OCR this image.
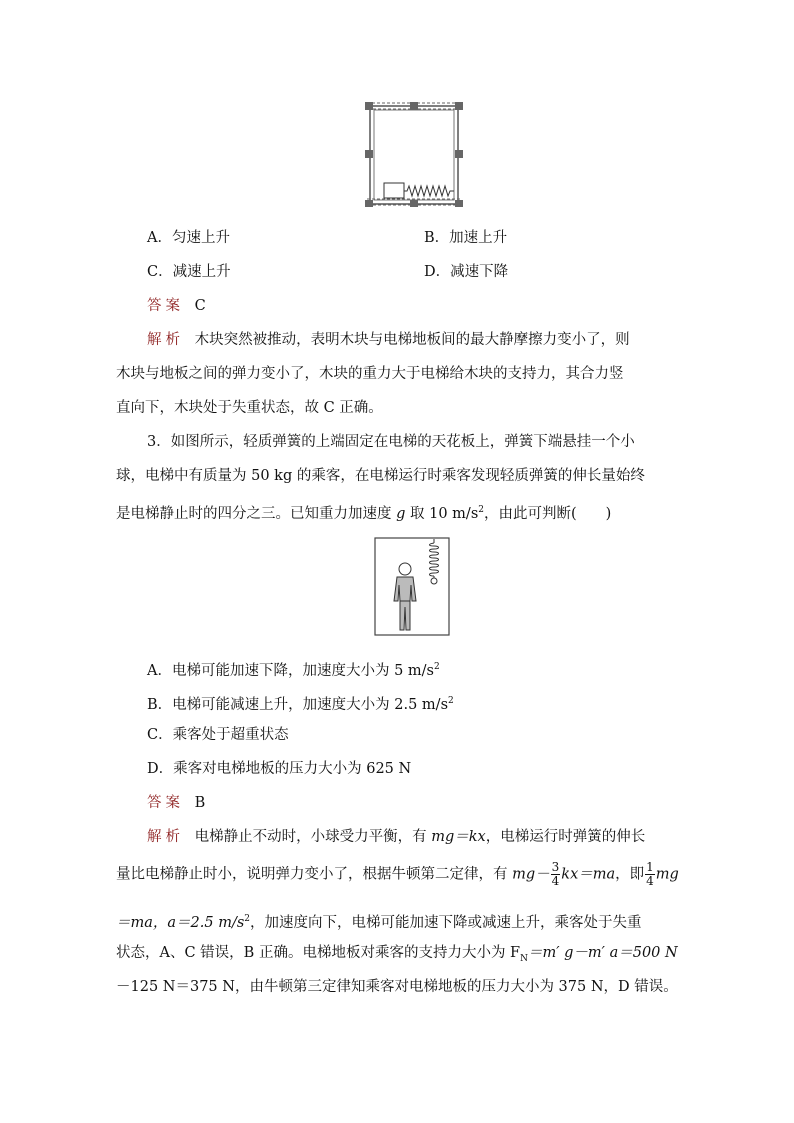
A．匀速上升	B．加速上升
C．减速上升	D．减速下降
答案 C
解析 木块突然被推动，表明木块与电梯地板间的最大静摩擦力变小了，则
木块与地板之间的弹力变小了，木块的重力大于电梯给木块的支持力，其合力竖
直向下，木块处于失重状态，故 C 正确。
3．如图所示，轻质弹簧的上端固定在电梯的天花板上，弹簧下端悬挂一个小
球，电梯中有质量为 50 kg 的乘客，在电梯运行时乘客发现轻质弹簧的伸长量始终
是电梯静止时的四分之三。已知重力加速度 g 取 10 $m/s^2$，由此可判断(　　)
A．电梯可能加速下降，加速度大小为 5 $m/s^2$
B．电梯可能减速上升，加速度大小为 2.5 $m/s^2$
C．乘客处于超重状态
D．乘客对电梯地板的压力大小为 625 N
答案 B
解析 电梯静止不动时，小球受力平衡，有 mg＝kx，电梯运行时弹簧的伸长
量比电梯静止时小，说明弹力变小了，根据牛顿第二定律，有 $mg- \frac{3}{4} kx=ma$，即 $\frac{1}{4}$ mg
＝ma，a＝2.5 $m/s^2$，加速度向下，电梯可能加速下降或减速上升，乘客处于失重
状态，A、C 错误，B 正确。电梯地板对乘客的支持力大小为 $F_N=m'$ g－m′ a＝500 N
－125 N＝375 N，由牛顿第三定律知乘客对电梯地板的压力大小为 375 N，D 错误。
